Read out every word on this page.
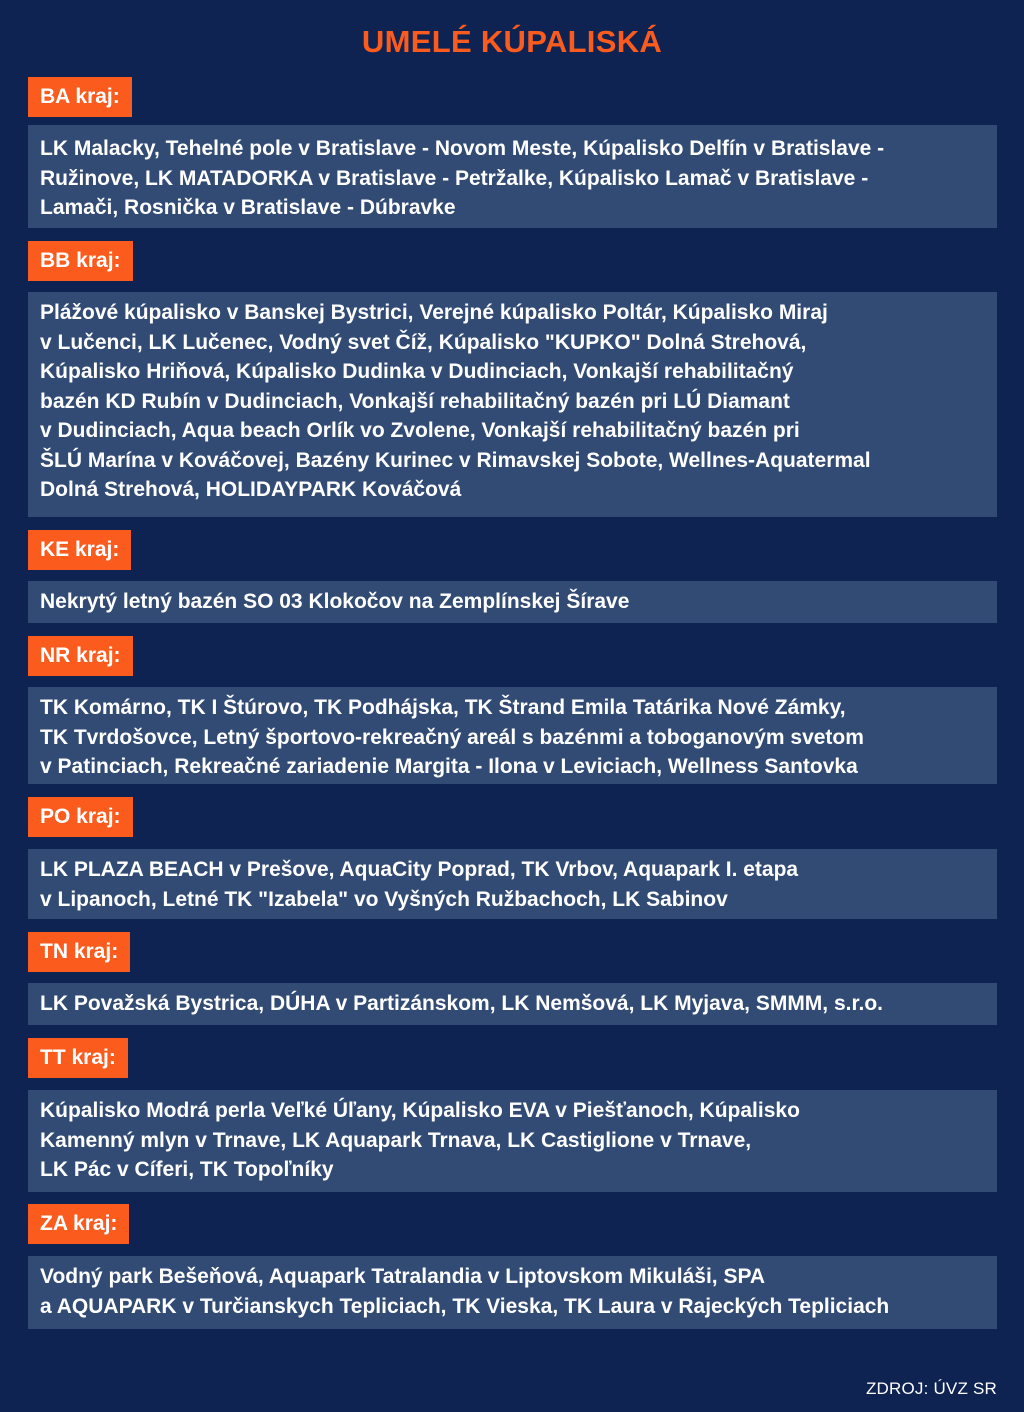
UMELÉ KÚPALISKÁ
BA kraj:
LK Malacky, Tehelné pole v Bratislave - Novom Meste, Kúpalisko Delfín v Bratislave -
Ružinove, LK MATADORKA v Bratislave - Petržalke, Kúpalisko Lamač v Bratislave -
Lamači, Rosnička v Bratislave - Dúbravke
BB kraj:
Plážové kúpalisko v Banskej Bystrici, Verejné kúpalisko Poltár, Kúpalisko Miraj
v Lučenci, LK Lučenec, Vodný svet Číž, Kúpalisko "KUPKO" Dolná Strehová,
Kúpalisko Hriňová, Kúpalisko Dudinka v Dudinciach, Vonkajší rehabilitačný
bazén KD Rubín v Dudinciach, Vonkajší rehabilitačný bazén pri LÚ Diamant
v Dudinciach, Aqua beach Orlík vo Zvolene, Vonkajší rehabilitačný bazén pri
ŠLÚ Marína v Kováčovej, Bazény Kurinec v Rimavskej Sobote, Wellnes-Aquatermal
Dolná Strehová, HOLIDAYPARK Kováčová
KE kraj:
Nekrytý letný bazén SO 03 Klokočov na Zemplínskej Šírave
NR kraj:
TK Komárno, TK I Štúrovo, TK Podhájska, TK Štrand Emila Tatárika Nové Zámky,
TK Tvrdošovce, Letný športovo-rekreačný areál s bazénmi a toboganovým svetom
v Patinciach, Rekreačné zariadenie Margita - Ilona v Leviciach, Wellness Santovka
PO kraj:
LK PLAZA BEACH v Prešove, AquaCity Poprad, TK Vrbov, Aquapark I. etapa
v Lipanoch, Letné TK "Izabela" vo Vyšných Ružbachoch, LK Sabinov
TN kraj:
LK Považská Bystrica, DÚHA v Partizánskom, LK Nemšová, LK Myjava, SMMM, s.r.o.
TT kraj:
Kúpalisko Modrá perla Veľké Úľany, Kúpalisko EVA v Piešťanoch, Kúpalisko
Kamenný mlyn v Trnave, LK Aquapark Trnava, LK Castiglione v Trnave,
LK Pác v Cíferi, TK Topoľníky
ZA kraj:
Vodný park Bešeňová, Aquapark Tatralandia v Liptovskom Mikuláši, SPA
a AQUAPARK v Turčianskych Tepliciach, TK Vieska, TK Laura v Rajeckých Tepliciach
ZDROJ: ÚVZ SR
